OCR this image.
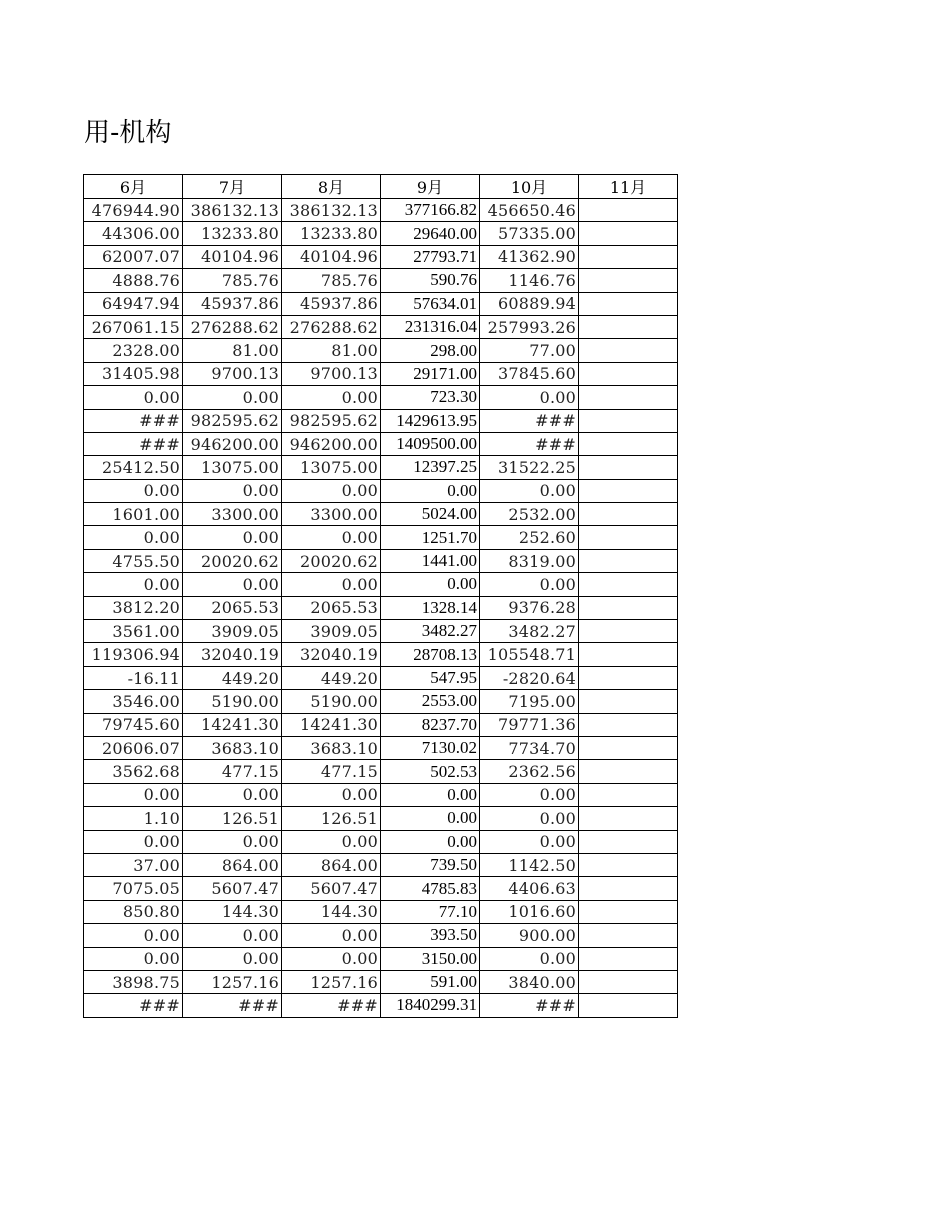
用-机构
6月	7月	8月	9月	10月	11月
476944.90	386132.13	386132.13	377166.82	456650.46	
44306.00	13233.80	13233.80	29640.00	57335.00	
62007.07	40104.96	40104.96	27793.71	41362.90	
4888.76	785.76	785.76	590.76	1146.76	
64947.94	45937.86	45937.86	57634.01	60889.94	
267061.15	276288.62	276288.62	231316.04	257993.26	
2328.00	81.00	81.00	298.00	77.00	
31405.98	9700.13	9700.13	29171.00	37845.60	
0.00	0.00	0.00	723.30	0.00	
###	982595.62	982595.62	1429613.95	###	
###	946200.00	946200.00	1409500.00	###	
25412.50	13075.00	13075.00	12397.25	31522.25	
0.00	0.00	0.00	0.00	0.00	
1601.00	3300.00	3300.00	5024.00	2532.00	
0.00	0.00	0.00	1251.70	252.60	
4755.50	20020.62	20020.62	1441.00	8319.00	
0.00	0.00	0.00	0.00	0.00	
3812.20	2065.53	2065.53	1328.14	9376.28	
3561.00	3909.05	3909.05	3482.27	3482.27	
119306.94	32040.19	32040.19	28708.13	105548.71	
-16.11	449.20	449.20	547.95	-2820.64	
3546.00	5190.00	5190.00	2553.00	7195.00	
79745.60	14241.30	14241.30	8237.70	79771.36	
20606.07	3683.10	3683.10	7130.02	7734.70	
3562.68	477.15	477.15	502.53	2362.56	
0.00	0.00	0.00	0.00	0.00	
1.10	126.51	126.51	0.00	0.00	
0.00	0.00	0.00	0.00	0.00	
37.00	864.00	864.00	739.50	1142.50	
7075.05	5607.47	5607.47	4785.83	4406.63	
850.80	144.30	144.30	77.10	1016.60	
0.00	0.00	0.00	393.50	900.00	
0.00	0.00	0.00	3150.00	0.00	
3898.75	1257.16	1257.16	591.00	3840.00	
###	###	###	1840299.31	###	
